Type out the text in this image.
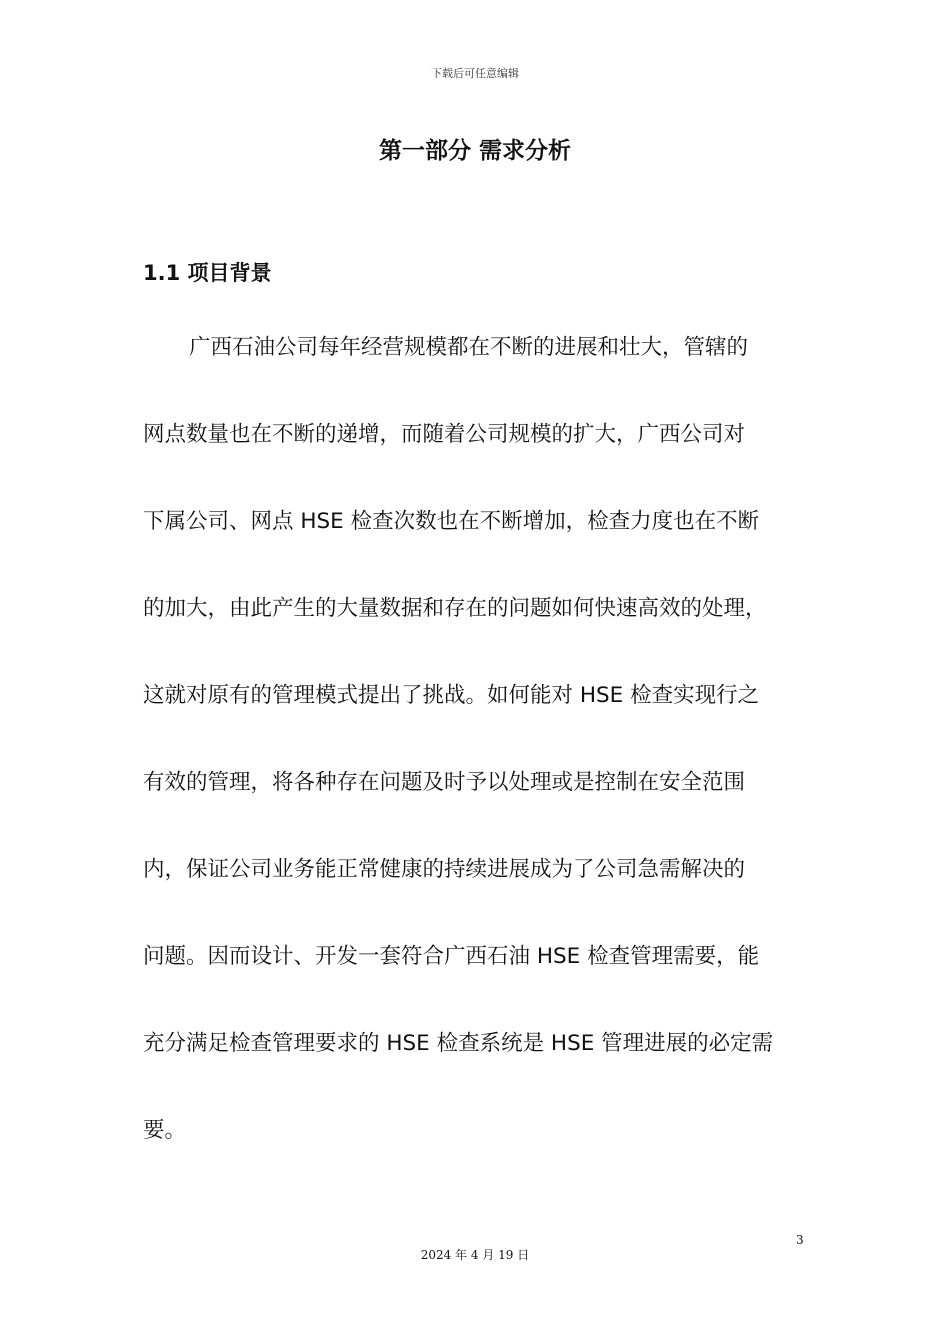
下载后可任意编辑
第一部分 需求分析
1.1 项目背景
广西石油公司每年经营规模都在不断的进展和壮大，管辖的
网点数量也在不断的递增，而随着公司规模的扩大，广西公司对
下属公司、网点 HSE 检查次数也在不断增加，检查力度也在不断
的加大，由此产生的大量数据和存在的问题如何快速高效的处理，
这就对原有的管理模式提出了挑战。如何能对 HSE 检查实现行之
有效的管理，将各种存在问题及时予以处理或是控制在安全范围
内，保证公司业务能正常健康的持续进展成为了公司急需解决的
问题。因而设计、开发一套符合广西石油 HSE 检查管理需要，能
充分满足检查管理要求的 HSE 检查系统是 HSE 管理进展的必定需
要。
3
2024 年 4 月 19 日
